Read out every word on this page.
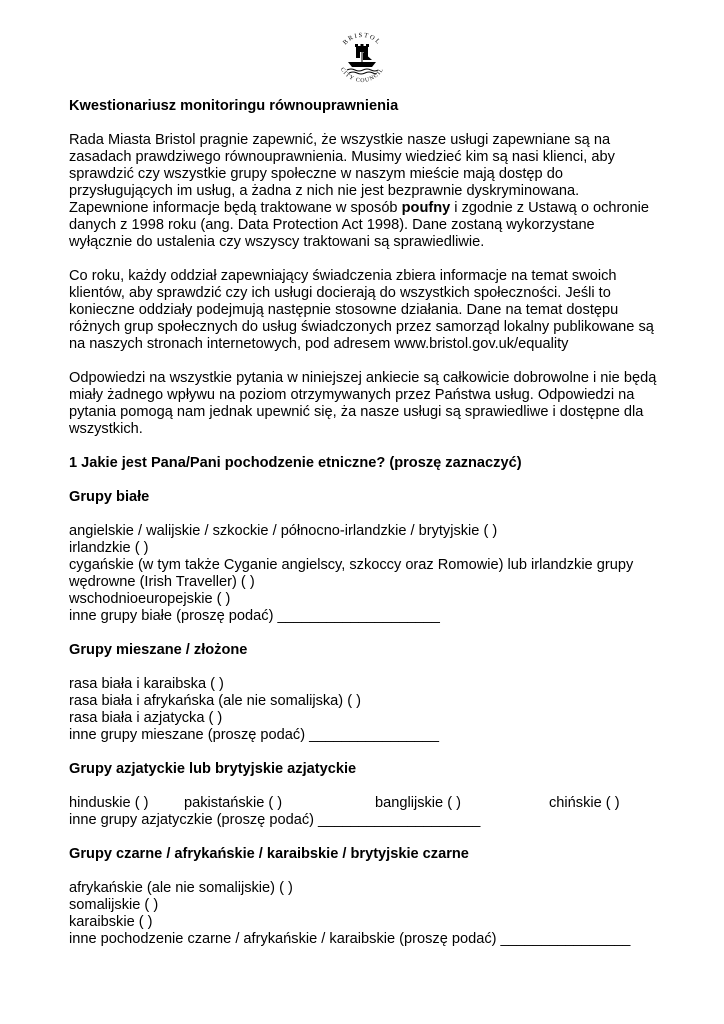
BRISTOL
CITY COUNCIL

Kwestionariusz monitoringu równouprawnienia

Rada Miasta Bristol pragnie zapewnić, że wszystkie nasze usługi zapewniane są na zasadach prawdziwego równouprawnienia. Musimy wiedzieć kim są nasi klienci, aby sprawdzić czy wszystkie grupy społeczne w naszym mieście mają dostęp do przysługujących im usług, a żadna z nich nie jest bezprawnie dyskryminowana. Zapewnione informacje będą traktowane w sposób poufny i zgodnie z Ustawą o ochronie danych z 1998 roku (ang. Data Protection Act 1998). Dane zostaną wykorzystane wyłącznie do ustalenia czy wszyscy traktowani są sprawiedliwie.

Co roku, każdy oddział zapewniający świadczenia zbiera informacje na temat swoich klientów, aby sprawdzić czy ich usługi docierają do wszystkich społeczności. Jeśli to konieczne oddziały podejmują następnie stosowne działania. Dane na temat dostępu różnych grup społecznych do usług świadczonych przez samorząd lokalny publikowane są na naszych stronach internetowych, pod adresem www.bristol.gov.uk/equality

Odpowiedzi na wszystkie pytania w niniejszej ankiecie są całkowicie dobrowolne i nie będą miały żadnego wpływu na poziom otrzymywanych przez Państwa usług. Odpowiedzi na pytania pomogą nam jednak upewnić się, ża nasze usługi są sprawiedliwe i dostępne dla wszystkich.

1 Jakie jest Pana/Pani pochodzenie etniczne? (proszę zaznaczyć)

Grupy białe

angielskie / walijskie / szkockie / północno-irlandzkie / brytyjskie ( )

irlandzkie ( )

cygańskie (w tym także Cyganie angielscy, szkoccy oraz Romowie) lub irlandzkie grupy wędrowne (Irish Traveller) ( )

wschodnioeuropejskie ( )

inne grupy białe (proszę podać) ____________________

Grupy mieszane / złożone

rasa biała i karaibska ( )

rasa biała i afrykańska (ale nie somalijska) ( )

rasa biała i azjatycka ( )

inne grupy mieszane (proszę podać) ________________

Grupy azjatyckie lub brytyjskie azjatyckie

hinduskie ( )	pakistańskie ( )	banglijskie ( )	chińskie ( )

inne grupy azjatyczkie (proszę podać) ____________________

Grupy czarne / afrykańskie / karaibskie / brytyjskie czarne

afrykańskie (ale nie somalijskie) ( )

somalijskie ( )

karaibskie ( )

inne pochodzenie czarne / afrykańskie / karaibskie (proszę podać) ________________
